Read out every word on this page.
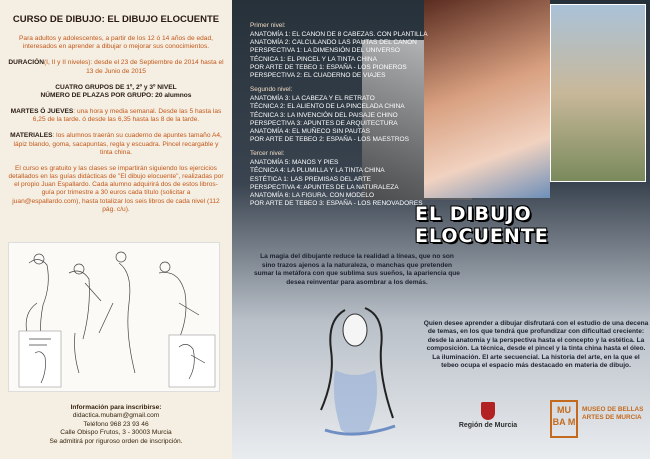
CURSO DE DIBUJO: EL DIBUJO ELOCUENTE

Para adultos y adolescentes, a partir de los 12 ó 14 años de edad, interesados en aprender a dibujar o mejorar sus conocimientos.

DURACIÓN(I, II y II niveles): desde el 23 de Septiembre de 2014 hasta el 13 de Junio de 2015

CUATRO GRUPOS DE 1º, 2º y 3º NIVEL
NÚMERO DE PLAZAS POR GRUPO: 20 alumnos

MARTES Ó JUEVES: una hora y media semanal. Desde las 5 hasta las 6,25 de la tarde. ó desde las 6,35 hasta las 8 de la tarde.

MATERIALES: los alumnos traerán su cuaderno de apuntes tamaño A4, lápiz blando, goma, sacapuntas, regla y escuadra. Pincel recargable y tinta china.

El curso es gratuito y las clases se impartirán siguiendo los ejercicios detallados en las guías didácticas de "El dibujo elocuente", realizadas por el propio Juan Espallardo. Cada alumno adquirirá dos de estos libros-guía por trimestre a 30 euros cada título (solicitar a juan@espallardo.com), hasta totalizar los seis libros de cada nivel (112 pág. c/u).

Información para inscribirse:
didactica.mubam@gmail.com
Teléfono 968 23 93 46
Calle Obispo Frutos, 3 - 30003 Murcia
Se admitirá por riguroso orden de inscripción.
Primer nivel:
ANATOMÍA 1: EL CANON DE 8 CABEZAS. CON PLANTILLA
ANATOMÍA 2: CALCULANDO LAS PAUTAS DEL CANON
PERSPECTIVA 1: LA DIMENSIÓN DEL UNIVERSO
TÉCNICA 1: EL PINCEL Y LA TINTA CHINA
POR ARTE DE TEBEO 1: ESPAÑA - LOS PIONEROS
PERSPECTIVA 2: EL CUADERNO DE VIAJES
Segundo nivel:
ANATOMÍA 3: LA CABEZA Y EL RETRATO
TÉCNICA 2: EL ALIENTO DE LA PINCELADA CHINA
TÉCNICA 3: LA INVENCIÓN DEL PAISAJE CHINO
PERSPECTIVA 3: APUNTES DE ARQUITECTURA
ANATOMÍA 4: EL MUÑECO SIN PAUTAS
POR ARTE DE TEBEO 2: ESPAÑA - LOS MAESTROS
Tercer nivel:
ANATOMÍA 5: MANOS Y PIES
TÉCNICA 4: LA PLUMILLA Y LA TINTA CHINA
ESTÉTICA 1: LAS PREMISAS DEL ARTE
PERSPECTIVA 4: APUNTES DE LA NATURALEZA
ANATOMÍA 6: LA FIGURA. CON MODELO
POR ARTE DE TEBEO 3: ESPAÑA - LOS RENOVADORES
EL DIBUJO ELOCUENTE
La magia del dibujante reduce la realidad a líneas, que no son sino trazos ajenos a la naturaleza, o manchas que pretenden sumar la metáfora con que sublima sus sueños, la apariencia que desea reinventar para asombrar a los demás.
Quien desee aprender a dibujar disfrutará con el estudio de una decena de temas, en los que tendrá que profundizar con dificultad creciente: desde la anatomía y la perspectiva hasta el concepto y la estética. La composición. La técnica, desde el pincel y la tinta china hasta el óleo. La iluminación. El arte secuencial. La historia del arte, en la que el tebeo ocupa el espacio más destacado en materia de dibujo.
Región de Murcia
MU BA M
MUSEO DE BELLAS ARTES DE MURCIA
